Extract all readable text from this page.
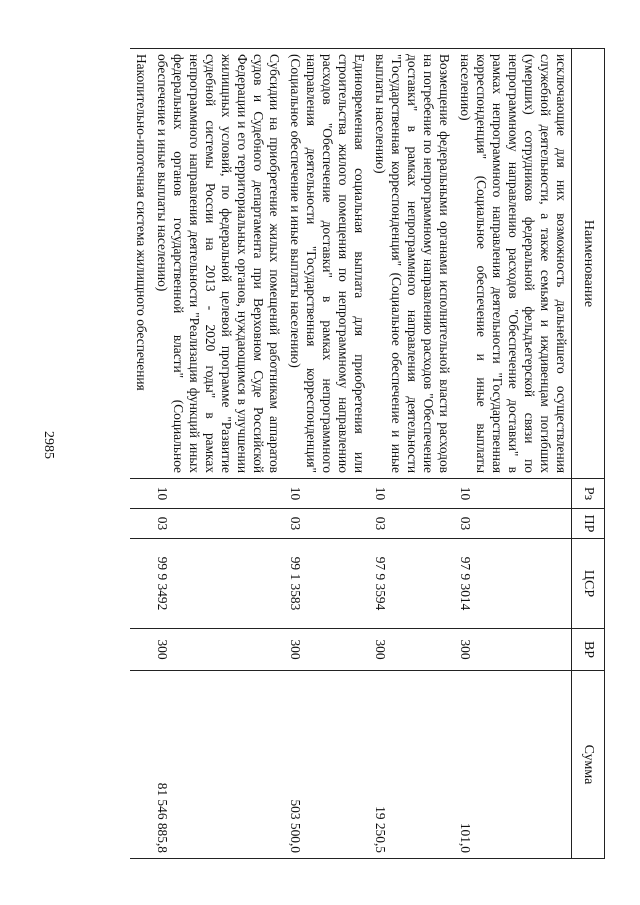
2985
Наименование	Рз	ПР	ЦСР	ВР	Сумма
исключающие для них возможность дальнейшего осуществления служебной деятельности, а также семьям и иждивенцам погибших (умерших) сотрудников федеральной фельдъегерской связи по непрограммному направлению расходов "Обеспечение доставки" в рамках непрограммного направления деятельности "Государственная корреспонденция" (Социальное обеспечение и иные выплаты населению)	10	03	97 9 3014	300	101,0
Возмещение федеральными органами исполнительной власти расходов на погребение по непрограммному направлению расходов "Обеспечение доставки" в рамках непрограммного направления деятельности "Государственная корреспонденция" (Социальное обеспечение и иные выплаты населению)	10	03	97 9 3594	300	19 250,5
Единовременная социальная выплата для приобретения или строительства жилого помещения по непрограммному направлению расходов "Обеспечение доставки" в рамках непрограммного направления деятельности "Государственная корреспонденция" (Социальное обеспечение и иные выплаты населению)	10	03	99 1 3583	300	503 500,0
Субсидии на приобретение жилых помещений работникам аппаратов судов и Судебного департамента при Верховном Суде Российской Федерации и его территориальных органов, нуждающимся в улучшении жилищных условий, по федеральной целевой программе "Развитие судебной системы России на 2013 - 2020 годы" в рамках непрограммного направления деятельности "Реализация функций иных федеральных органов государственной власти" (Социальное обеспечение и иные выплаты населению)	10	03	99 9 3492	300	81 546 885,8
Накопительно-ипотечная система жилищного обеспечения					
